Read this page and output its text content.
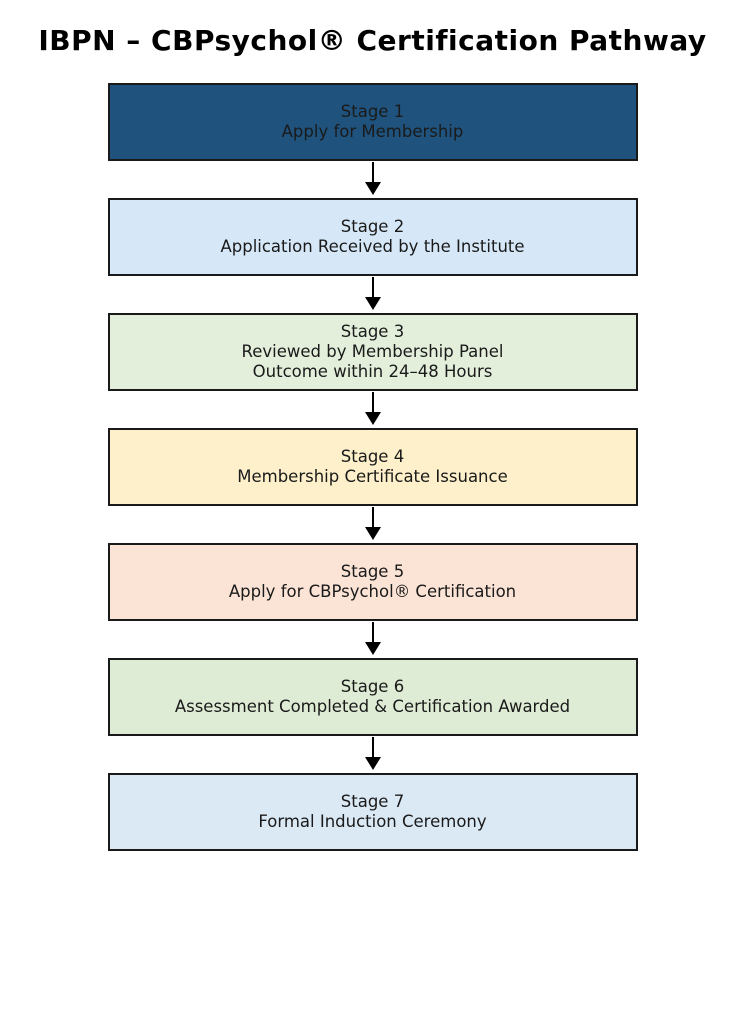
IBPN – CBPsychol® Certification Pathway
Stage 1
Apply for Membership
Stage 2
Application Received by the Institute
Stage 3
Reviewed by Membership Panel
Outcome within 24–48 Hours
Stage 4
Membership Certificate Issuance
Stage 5
Apply for CBPsychol® Certification
Stage 6
Assessment Completed & Certification Awarded
Stage 7
Formal Induction Ceremony
